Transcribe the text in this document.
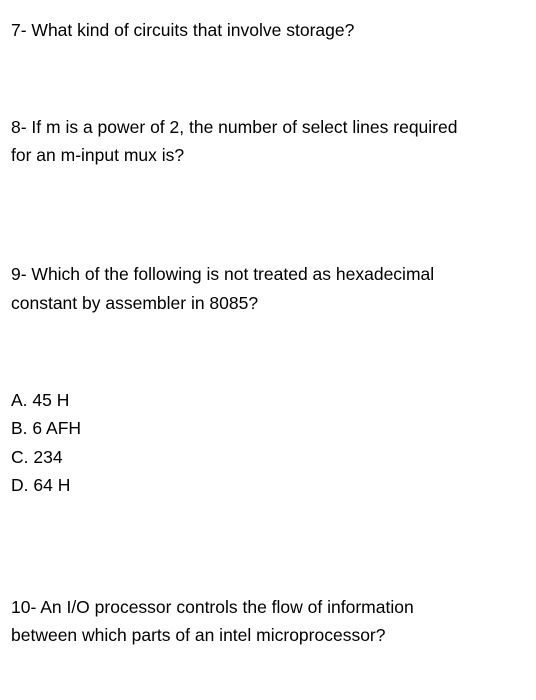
7- What kind of circuits that involve storage?
8- If m is a power of 2, the number of select lines required
for an m-input mux is?
9- Which of the following is not treated as hexadecimal
constant by assembler in 8085?
A. 45 H
B. 6 AFH
C. 234
D. 64 H
10- An I/O processor controls the flow of information
between which parts of an intel microprocessor?
